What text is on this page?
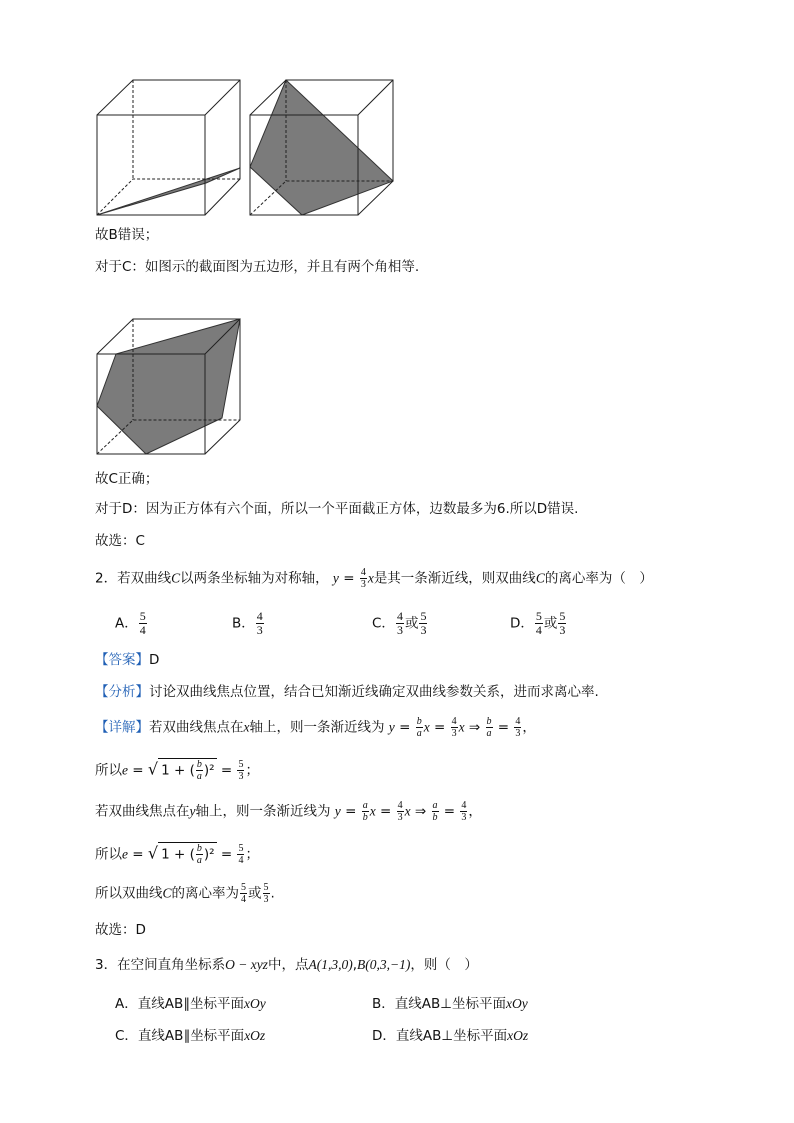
故B错误；
对于C：如图示的截面图为五边形，并且有两个角相等.
故C正确；
对于D：因为正方体有六个面，所以一个平面截正方体，边数最多为6.所以D错误.
故选：C
2．若双曲线C以两条坐标轴为对称轴， $y = \frac{4}{3}$ x是其一条渐近线，则双曲线C的离心率为（　）
A． $\frac{5}{4}$	B． $\frac{4}{3}$	C． $\frac{4}{3}$ 或 $\frac{5}{3}$	D． $\frac{5}{4}$ 或 $\frac{5}{3}$
【答案】D
【分析】讨论双曲线焦点位置，结合已知渐近线确定双曲线参数关系，进而求离心率.
【详解】若双曲线焦点在x轴上，则一条渐近线为 $y = \frac{b}{a}$ $x = \frac{4}{3}$ x ⇒ $\frac{b}{a} = \frac{4}{3}$ ，
所以e = √ 1 + ( $\frac{b}{a} )^2 = \frac{5}{3}$ ；
若双曲线焦点在y轴上，则一条渐近线为 $y = \frac{a}{b}$ $x = \frac{4}{3}$ x ⇒ $\frac{a}{b} = \frac{4}{3}$ ，
所以e = √ 1 + ( $\frac{b}{a} )^2 = \frac{5}{4}$ ；
所以双曲线C的离心率为 $\frac{5}{4}$ 或 $\frac{5}{3}$ .
故选：D
3．在空间直角坐标系O − xyz中，点A(1,3,0),B(0,3,−1)，则（　）
A．直线AB∥坐标平面xOy	B．直线AB⊥坐标平面xOy
C．直线AB∥坐标平面xOz	D．直线AB⊥坐标平面xOz
